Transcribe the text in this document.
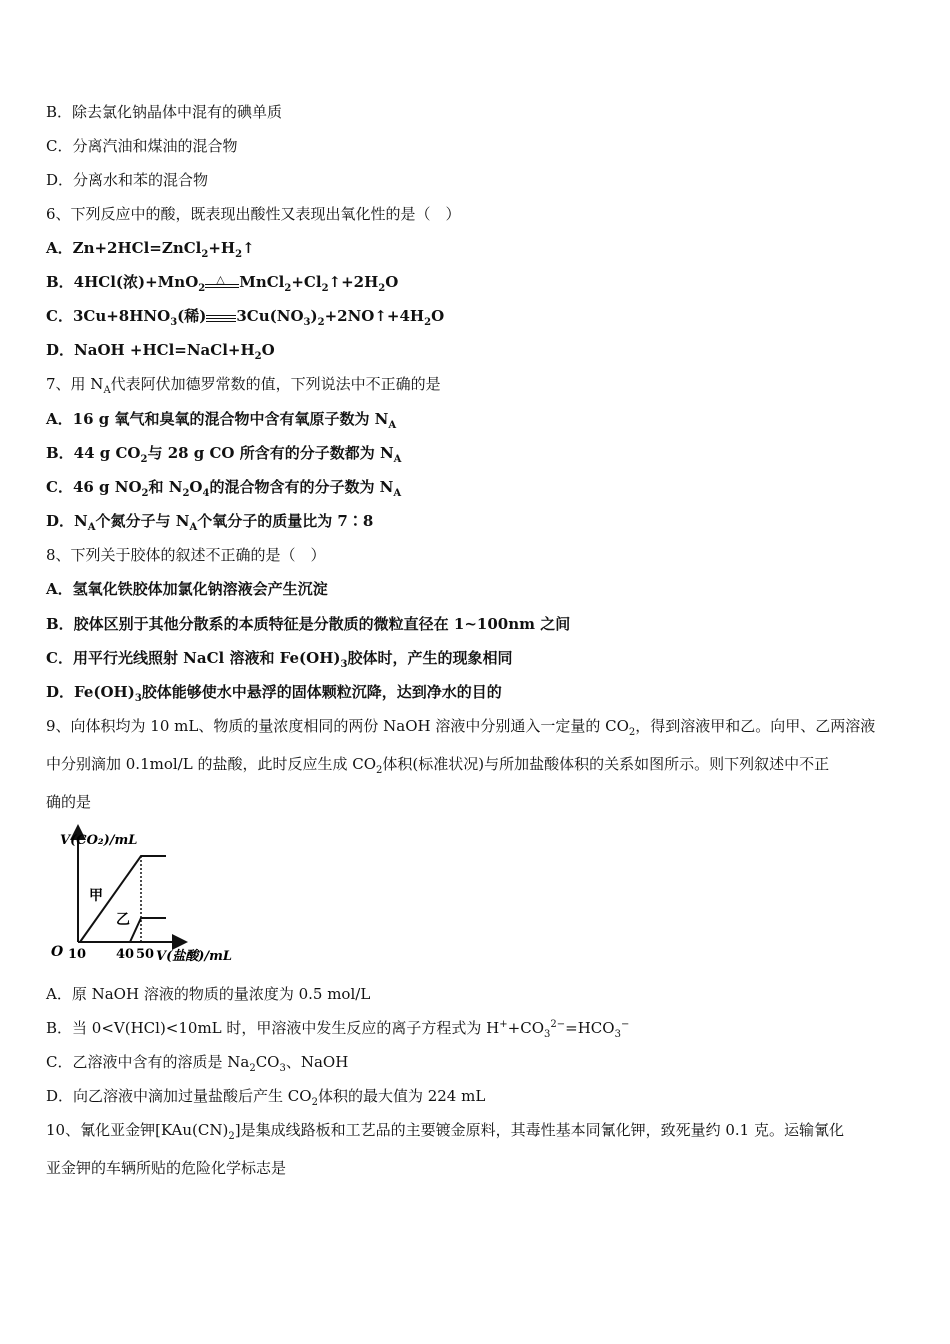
B．除去氯化钠晶体中混有的碘单质
C．分离汽油和煤油的混合物
D．分离水和苯的混合物
6、下列反应中的酸，既表现出酸性又表现出氧化性的是（　）
A．$Zn+2HCl=ZnCl_2+H_2↑$
B．4HCl(浓)+MnO$_2$
△ $MnCl_2+Cl_2↑+2H_2O$
C．$3Cu+8HNO_3$(稀) $3Cu(NO_3)_2+2NO↑+4H_2O$
D．NaOH $+HCl=NaCl+H_2O$
7、用 $N_A$代表阿伏加德罗常数的值，下列说法中不正确的是
A．16 g 氧气和臭氧的混合物中含有氧原子数为 $N_A$
B．44 g $CO_2$与 28 g CO 所含有的分子数都为 $N_A$
C．46 g $NO_2$和 $N_2O_4$的混合物含有的分子数为 $N_A$
D．$N_A$个氮分子与 $N_A$个氧分子的质量比为 7∶8
8、下列关于胶体的叙述不正确的是（　）
A．氢氧化铁胶体加氯化钠溶液会产生沉淀
B．胶体区别于其他分散系的本质特征是分散质的微粒直径在 1~100nm 之间
C．用平行光线照射 NaCl 溶液和 $Fe(OH)_3$胶体时，产生的现象相同
D．$Fe(OH)_3$胶体能够使水中悬浮的固体颗粒沉降，达到净水的目的
9、向体积均为 10 mL、物质的量浓度相同的两份 NaOH 溶液中分别通入一定量的 $CO_2$，得到溶液甲和乙。向甲、乙两溶液
中分别滴加 0.1mol/L 的盐酸，此时反应生成 $CO_2$体积(标准状况)与所加盐酸体积的关系如图所示。则下列叙述中不正
确的是
V(CO₂)/mL
O 10 40 50 V(盐酸)/mL
甲
乙
A．原 NaOH 溶液的物质的量浓度为 0.5 mol/L
B．当 0<V(HCl)<10mL 时，甲溶液中发生反应的离子方程式为 $H^++CO_3^{2-}=HCO_3^-$
C．乙溶液中含有的溶质是 $Na_2CO_3$、NaOH
D．向乙溶液中滴加过量盐酸后产生 $CO_2$体积的最大值为 224 mL
10、氰化亚金钾$[KAu(CN)_2]$是集成线路板和工艺品的主要镀金原料，其毒性基本同氰化钾，致死量约 0.1 克。运输氰化
亚金钾的车辆所贴的危险化学标志是
